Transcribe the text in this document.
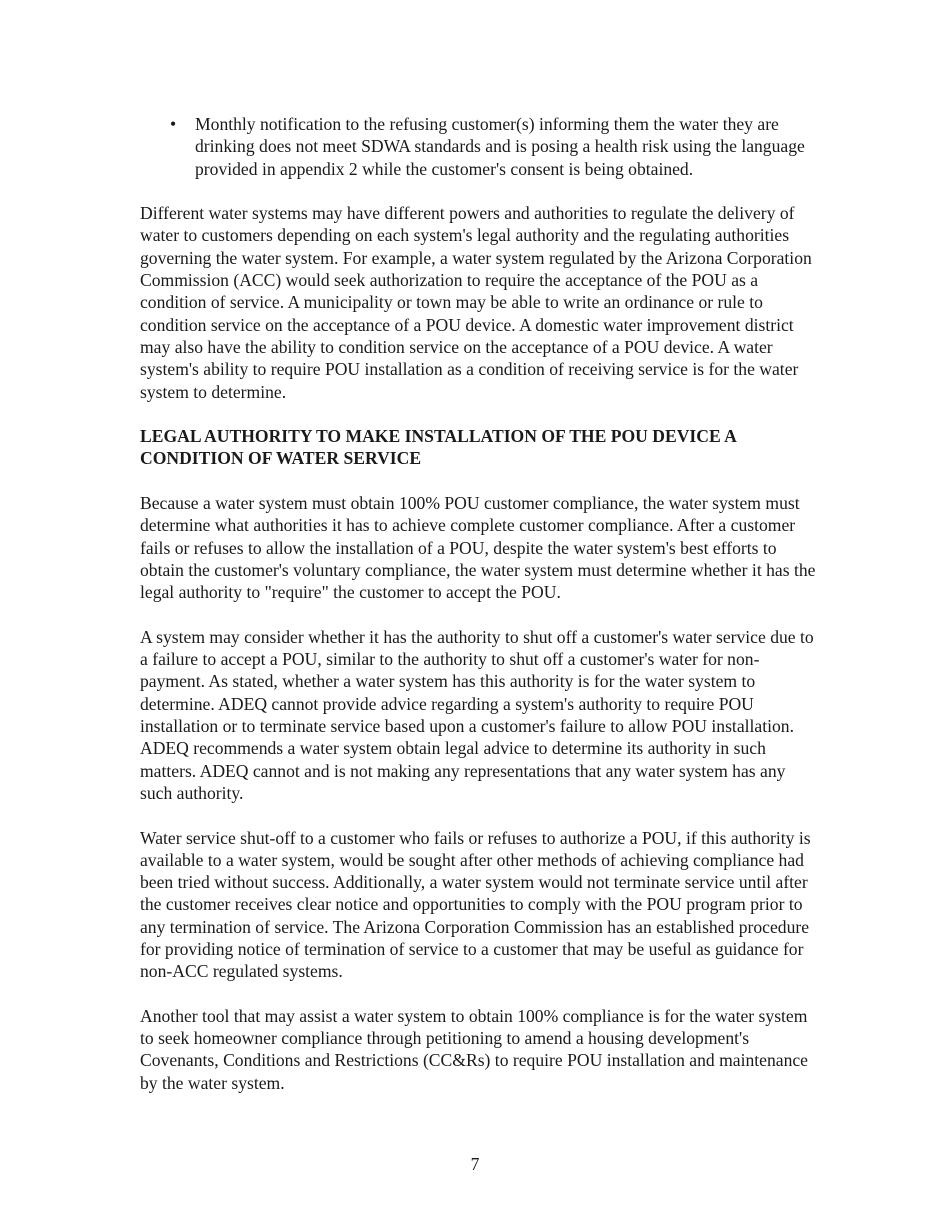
• Monthly notification to the refusing customer(s) informing them the water they are drinking does not meet SDWA standards and is posing a health risk using the language provided in appendix 2 while the customer's consent is being obtained.

Different water systems may have different powers and authorities to regulate the delivery of water to customers depending on each system's legal authority and the regulating authorities governing the water system. For example, a water system regulated by the Arizona Corporation Commission (ACC) would seek authorization to require the acceptance of the POU as a condition of service. A municipality or town may be able to write an ordinance or rule to condition service on the acceptance of a POU device. A domestic water improvement district may also have the ability to condition service on the acceptance of a POU device. A water system's ability to require POU installation as a condition of receiving service is for the water system to determine.

LEGAL AUTHORITY TO MAKE INSTALLATION OF THE POU DEVICE A CONDITION OF WATER SERVICE

Because a water system must obtain 100% POU customer compliance, the water system must determine what authorities it has to achieve complete customer compliance. After a customer fails or refuses to allow the installation of a POU, despite the water system's best efforts to obtain the customer's voluntary compliance, the water system must determine whether it has the legal authority to "require" the customer to accept the POU.

A system may consider whether it has the authority to shut off a customer's water service due to a failure to accept a POU, similar to the authority to shut off a customer's water for non-payment. As stated, whether a water system has this authority is for the water system to determine. ADEQ cannot provide advice regarding a system's authority to require POU installation or to terminate service based upon a customer's failure to allow POU installation. ADEQ recommends a water system obtain legal advice to determine its authority in such matters. ADEQ cannot and is not making any representations that any water system has any such authority.

Water service shut-off to a customer who fails or refuses to authorize a POU, if this authority is available to a water system, would be sought after other methods of achieving compliance had been tried without success. Additionally, a water system would not terminate service until after the customer receives clear notice and opportunities to comply with the POU program prior to any termination of service. The Arizona Corporation Commission has an established procedure for providing notice of termination of service to a customer that may be useful as guidance for non-ACC regulated systems.

Another tool that may assist a water system to obtain 100% compliance is for the water system to seek homeowner compliance through petitioning to amend a housing development's Covenants, Conditions and Restrictions (CC&Rs) to require POU installation and maintenance by the water system.

7
